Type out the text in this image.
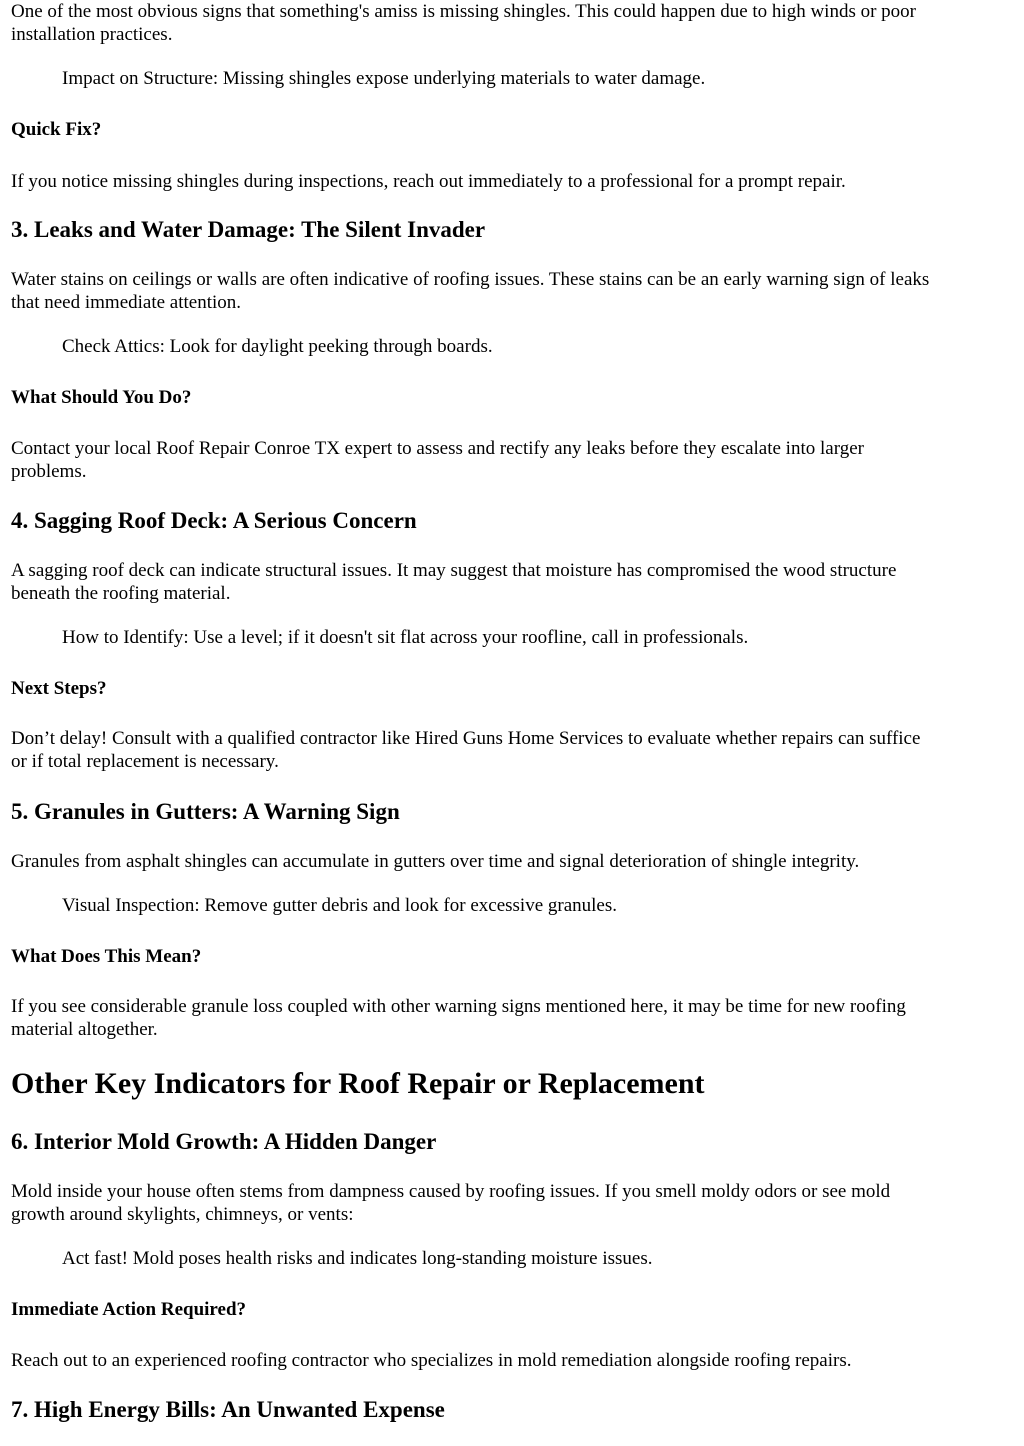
One of the most obvious signs that something's amiss is missing shingles. This could happen due to high winds or poor

installation practices.

Impact on Structure: Missing shingles expose underlying materials to water damage.

Quick Fix?

If you notice missing shingles during inspections, reach out immediately to a professional for a prompt repair.

3. Leaks and Water Damage: The Silent Invader

Water stains on ceilings or walls are often indicative of roofing issues. These stains can be an early warning sign of leaks

that need immediate attention.

Check Attics: Look for daylight peeking through boards.

What Should You Do?

Contact your local Roof Repair Conroe TX expert to assess and rectify any leaks before they escalate into larger

problems.

4. Sagging Roof Deck: A Serious Concern

A sagging roof deck can indicate structural issues. It may suggest that moisture has compromised the wood structure

beneath the roofing material.

How to Identify: Use a level; if it doesn't sit flat across your roofline, call in professionals.

Next Steps?

Don’t delay! Consult with a qualified contractor like Hired Guns Home Services to evaluate whether repairs can suffice

or if total replacement is necessary.

5. Granules in Gutters: A Warning Sign

Granules from asphalt shingles can accumulate in gutters over time and signal deterioration of shingle integrity.

Visual Inspection: Remove gutter debris and look for excessive granules.

What Does This Mean?

If you see considerable granule loss coupled with other warning signs mentioned here, it may be time for new roofing

material altogether.

Other Key Indicators for Roof Repair or Replacement
6. Interior Mold Growth: A Hidden Danger

Mold inside your house often stems from dampness caused by roofing issues. If you smell moldy odors or see mold

growth around skylights, chimneys, or vents:

Act fast! Mold poses health risks and indicates long-standing moisture issues.

Immediate Action Required?

Reach out to an experienced roofing contractor who specializes in mold remediation alongside roofing repairs.

7. High Energy Bills: An Unwanted Expense
